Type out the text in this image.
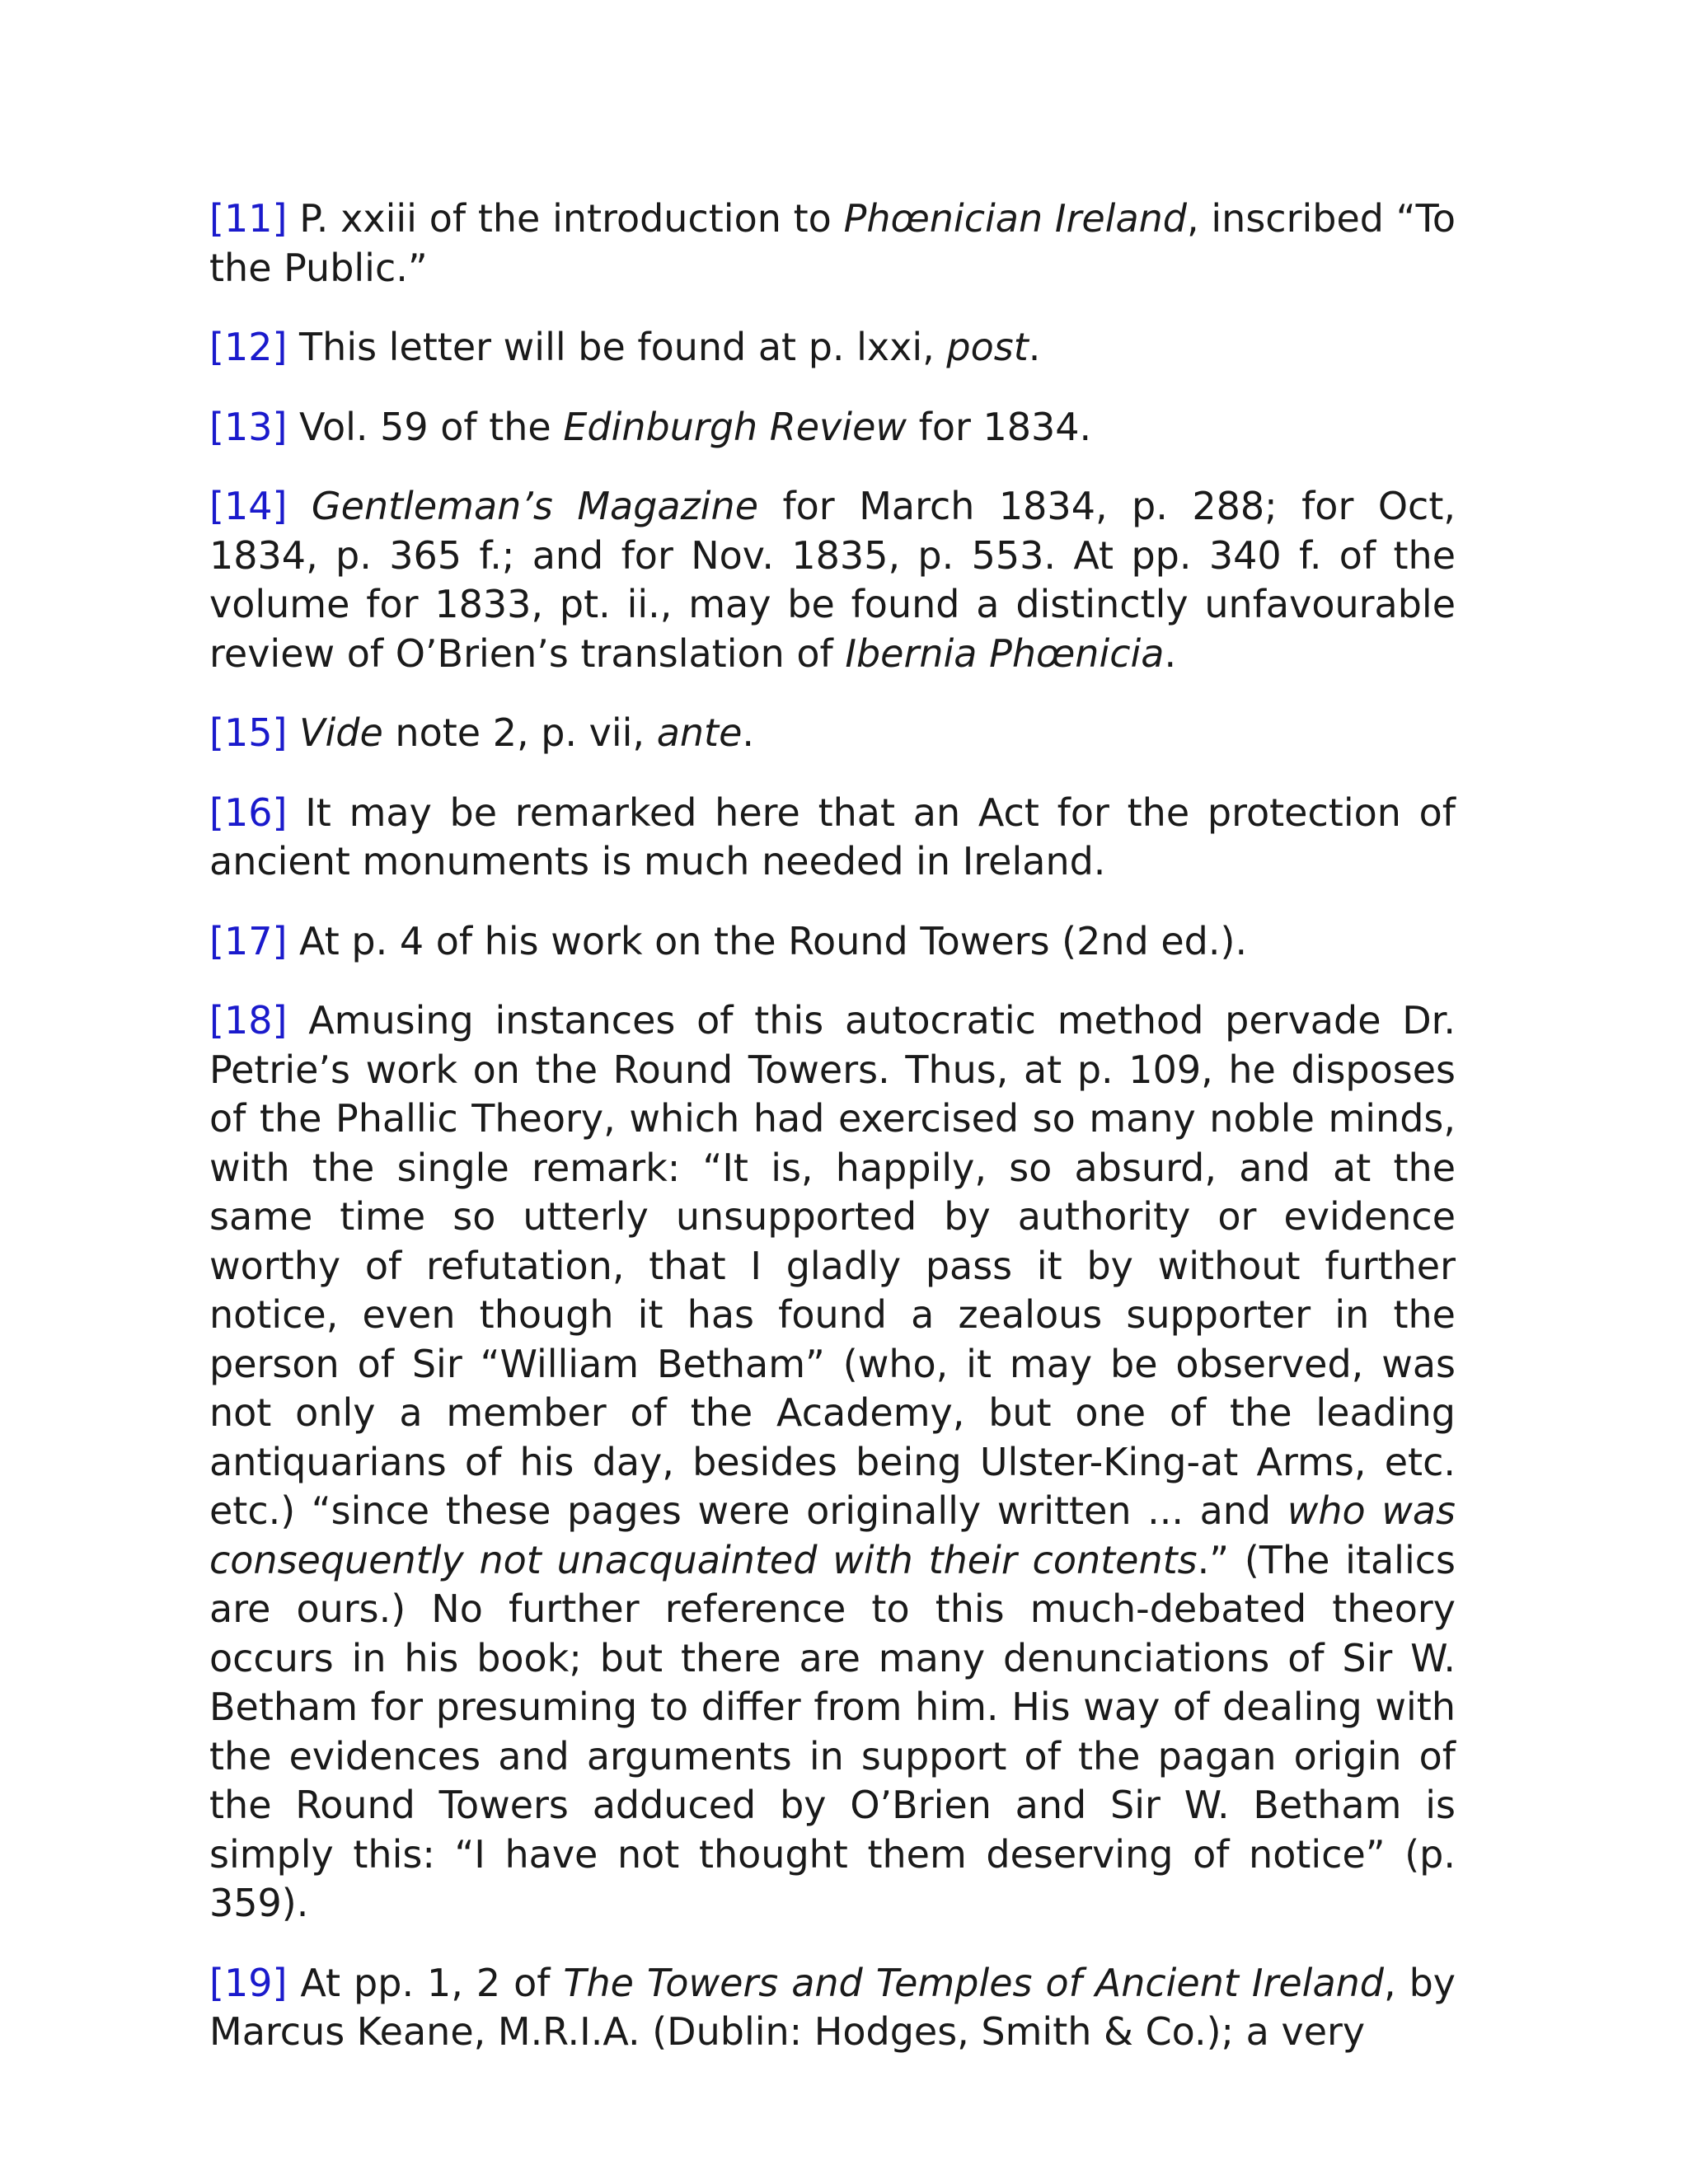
[11] P. xxiii of the introduction to Phœnician Ireland, inscribed “To the Public.”

[12] This letter will be found at p. lxxi, post.

[13] Vol. 59 of the Edinburgh Review for 1834.

[14] Gentleman’s Magazine for March 1834, p. 288; for Oct, 1834, p. 365 f.; and for Nov. 1835, p. 553. At pp. 340 f. of the volume for 1833, pt. ii., may be found a distinctly unfavourable review of O’Brien’s translation of Ibernia Phœnicia.

[15] Vide note 2, p. vii, ante.

[16] It may be remarked here that an Act for the protection of ancient monuments is much needed in Ireland.

[17] At p. 4 of his work on the Round Towers (2nd ed.).

[18] Amusing instances of this autocratic method pervade Dr. Petrie’s work on the Round Towers. Thus, at p. 109, he disposes of the Phallic Theory, which had exercised so many noble minds, with the single remark: “It is, happily, so absurd, and at the same time so utterly unsupported by authority or evidence worthy of refutation, that I gladly pass it by without further notice, even though it has found a zealous supporter in the person of Sir “William Betham” (who, it may be observed, was not only a member of the Academy, but one of the leading antiquarians of his day, besides being Ulster-King-at Arms, etc. etc.) “since these pages were originally written ... and who was consequently not unacquainted with their contents.” (The italics are ours.) No further reference to this much-debated theory occurs in his book; but there are many denunciations of Sir W. Betham for presuming to differ from him. His way of dealing with the evidences and arguments in support of the pagan origin of the Round Towers adduced by O’Brien and Sir W. Betham is simply this: “I have not thought them deserving of notice” (p. 359).

[19] At pp. 1, 2 of The Towers and Temples of Ancient Ireland, by Marcus Keane, M.R.I.A. (Dublin: Hodges, Smith & Co.); a very
